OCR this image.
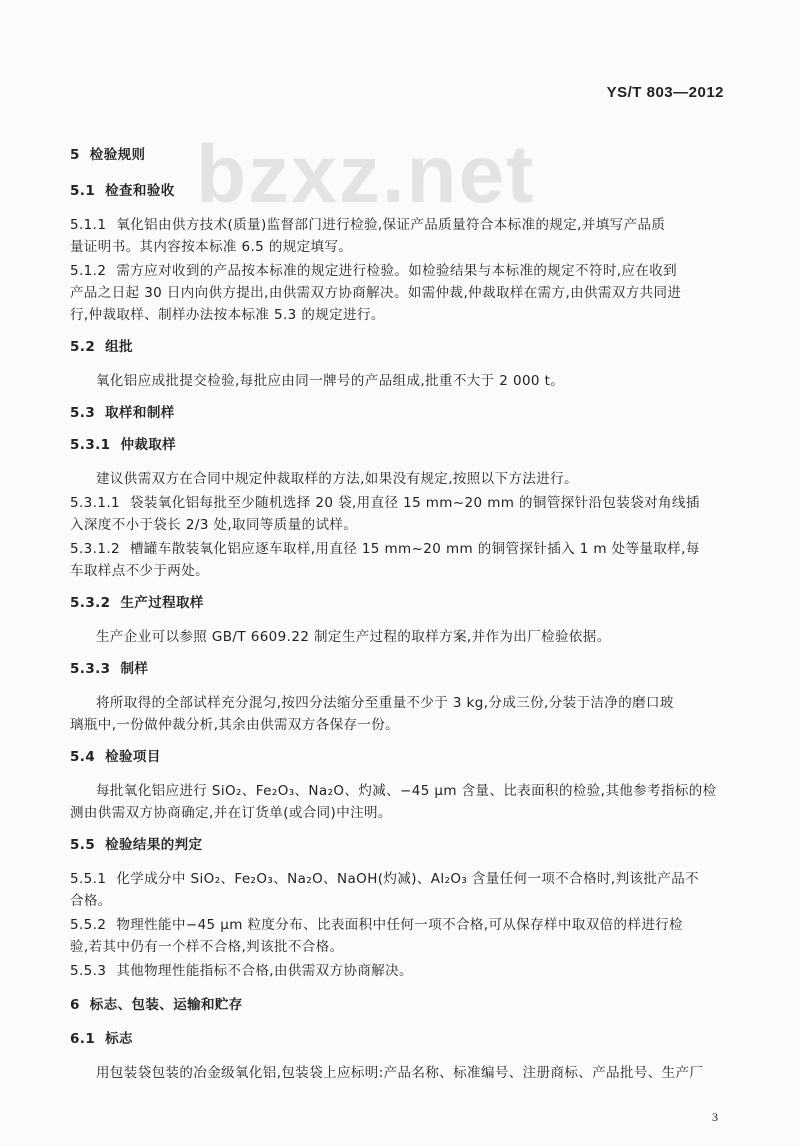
bzxz.net
YS/T 803—2012
5 检验规则
5.1 检查和验收
5.1.1 氧化铝由供方技术(质量)监督部门进行检验,保证产品质量符合本标准的规定,并填写产品质
量证明书。其内容按本标准 6.5 的规定填写。
5.1.2 需方应对收到的产品按本标准的规定进行检验。如检验结果与本标准的规定不符时,应在收到
产品之日起 30 日内向供方提出,由供需双方协商解决。如需仲裁,仲裁取样在需方,由供需双方共同进
行,仲裁取样、制样办法按本标准 5.3 的规定进行。
5.2 组批
氧化铝应成批提交检验,每批应由同一牌号的产品组成,批重不大于 2 000 t。
5.3 取样和制样
5.3.1 仲裁取样
建议供需双方在合同中规定仲裁取样的方法,如果没有规定,按照以下方法进行。
5.3.1.1 袋装氧化铝每批至少随机选择 20 袋,用直径 15 mm~20 mm 的铜管探针沿包装袋对角线插
入深度不小于袋长 2/3 处,取同等质量的试样。
5.3.1.2 槽罐车散装氧化铝应逐车取样,用直径 15 mm~20 mm 的铜管探针插入 1 m 处等量取样,每
车取样点不少于两处。
5.3.2 生产过程取样
生产企业可以参照 GB/T 6609.22 制定生产过程的取样方案,并作为出厂检验依据。
5.3.3 制样
将所取得的全部试样充分混匀,按四分法缩分至重量不少于 3 kg,分成三份,分装于洁净的磨口玻
璃瓶中,一份做仲裁分析,其余由供需双方各保存一份。
5.4 检验项目
每批氧化铝应进行 SiO₂、Fe₂O₃、Na₂O、灼减、−45 μm 含量、比表面积的检验,其他参考指标的检
测由供需双方协商确定,并在订货单(或合同)中注明。
5.5 检验结果的判定
5.5.1 化学成分中 SiO₂、Fe₂O₃、Na₂O、NaOH(灼减)、Al₂O₃ 含量任何一项不合格时,判该批产品不
合格。
5.5.2 物理性能中−45 μm 粒度分布、比表面积中任何一项不合格,可从保存样中取双倍的样进行检
验,若其中仍有一个样不合格,判该批不合格。
5.5.3 其他物理性能指标不合格,由供需双方协商解决。
6 标志、包装、运输和贮存
6.1 标志
用包装袋包装的冶金级氧化铝,包装袋上应标明:产品名称、标准编号、注册商标、产品批号、生产厂
3
